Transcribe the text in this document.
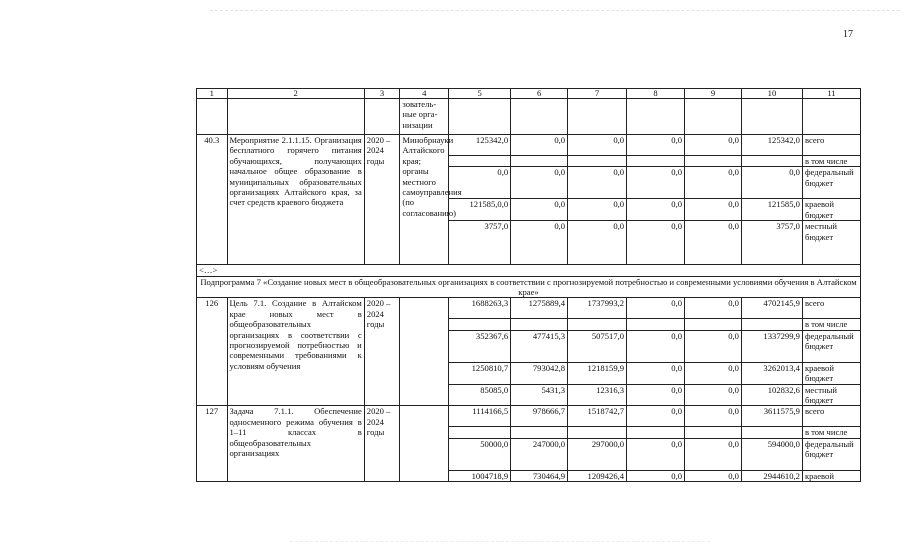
17
1	2	3	4	5	6	7	8	9	10	11
			зователь-ные орга-низации							
40.3	Мероприятие 2.1.1.15. Организация бесплатного горячего питания обучающихся, получающих начальное общее образование в муниципальных образовательных организациях Алтайского края, за счет средств краевого бюджета	2020 – 2024 годы	Минобрнауки Алтайского края; органы местного самоуправления (по согласованию)	125342,0	0,0	0,0	0,0	0,0	125342,0	всего
										в том числе
				0,0	0,0	0,0	0,0	0,0	0,0	федеральный бюджет
				121585,0,0	0,0	0,0	0,0	0,0	121585,0	краевой бюджет
				3757,0	0,0	0,0	0,0	0,0	3757,0	местный бюджет
<…>										
Подпрограмма 7 «Создание новых мест в общеобразовательных организациях в соответствии с прогнозируемой потребностью и современными условиями обучения в Алтайском крае»										
126	Цель 7.1. Создание в Алтайском крае новых мест в общеобразовательных организациях в соответствии с прогнозируемой потребностью и современными требованиями к условиям обучения	2020 – 2024 годы		1688263,3	1275889,4	1737993,2	0,0	0,0	4702145,9	всего
										в том числе
				352367,6	477415,3	507517,0	0,0	0,0	1337299,9	федеральный бюджет
				1250810,7	793042,8	1218159,9	0,0	0,0	3262013,4	краевой бюджет
				85085,0	5431,3	12316,3	0,0	0,0	102832,6	местный бюджет
127	Задача 7.1.1. Обеспечение односменного режима обучения в 1–11 классах в общеобразовательных организациях	2020 – 2024 годы		1114166,5	978666,7	1518742,7	0,0	0,0	3611575,9	всего
										в том числе
				50000,0	247000,0	297000,0	0,0	0,0	594000,0	федеральный бюджет
				1004718,9	730464,9	1209426,4	0,0	0,0	2944610,2	краевой
